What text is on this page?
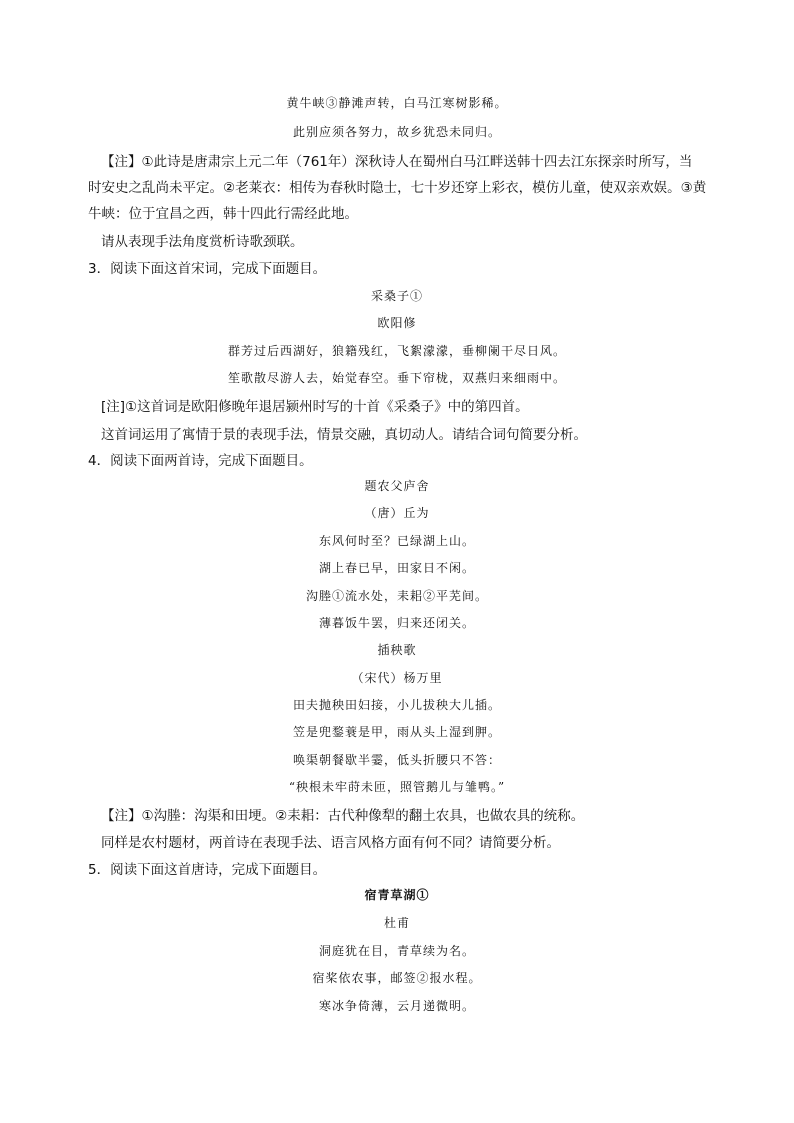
黄牛峡③静滩声转，白马江寒树影稀。
此别应须各努力，故乡犹恐未同归。
【注】①此诗是唐肃宗上元二年（761年）深秋诗人在蜀州白马江畔送韩十四去江东探亲时所写，当
时安史之乱尚未平定。②老莱衣：相传为春秋时隐士，七十岁还穿上彩衣，模仿儿童，使双亲欢娱。③黄
牛峡：位于宜昌之西，韩十四此行需经此地。
请从表现手法角度赏析诗歌颈联。
3．阅读下面这首宋词，完成下面题目。
采桑子①
欧阳修
群芳过后西湖好，狼籍残红，飞絮濛濛，垂柳阑干尽日风。
笙歌散尽游人去，始觉春空。垂下帘栊，双燕归来细雨中。
[注]①这首词是欧阳修晚年退居颍州时写的十首《采桑子》中的第四首。
这首词运用了寓情于景的表现手法，情景交融，真切动人。请结合词句简要分析。
4．阅读下面两首诗，完成下面题目。
题农父庐舍
（唐）丘为
东风何时至？已绿湖上山。
湖上春已早，田家日不闲。
沟塍①流水处，耒耜②平芜间。
薄暮饭牛罢，归来还闭关。
插秧歌
（宋代）杨万里
田夫抛秧田妇接，小儿拔秧大儿插。
笠是兜鍪蓑是甲，雨从头上湿到胛。
唤渠朝餐歇半霎，低头折腰只不答：
“秧根未牢莳未匝，照管鹅儿与雏鸭。”
【注】①沟塍：沟渠和田埂。②耒耜：古代种像犁的翻土农具，也做农具的统称。
同样是农村题材，两首诗在表现手法、语言风格方面有何不同？请简要分析。
5．阅读下面这首唐诗，完成下面题目。
宿青草湖①
杜甫
洞庭犹在目，青草续为名。
宿桨依农事，邮签②报水程。
寒冰争倚薄，云月递微明。
